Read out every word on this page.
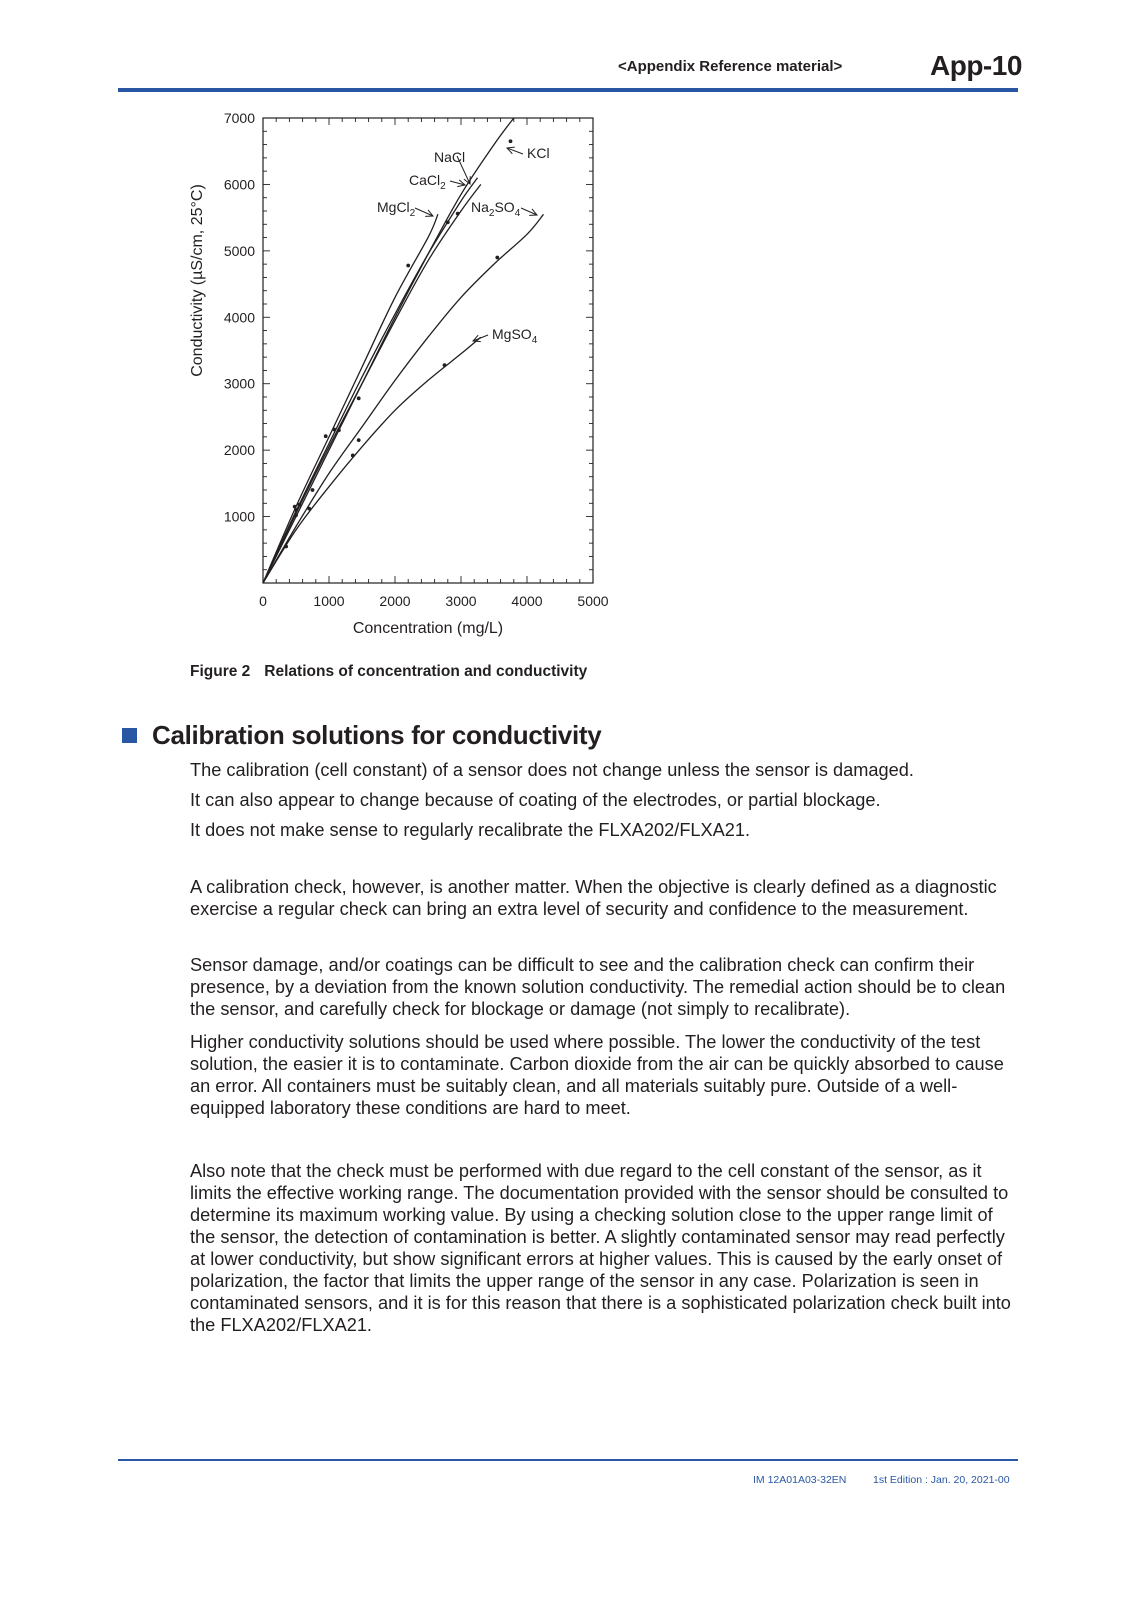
<Appendix Reference material>	App-10
0	1000 2000 3000 4000 5000
1000
2000
3000
4000
5000
6000
7000
Concentration (mg/L)
Conductivity (µS/cm, 25°C)
KCl
NaCl
CaCl$_2$
MgCl$_2$	$Na_2SO_4$
MgSO$_4$
Figure 2 Relations of concentration and conductivity
Calibration solutions for conductivity
The calibration (cell constant) of a sensor does not change unless the sensor is damaged.
It can also appear to change because of coating of the electrodes, or partial blockage.
It does not make sense to regularly recalibrate the FLXA202/FLXA21.
A calibration check, however, is another matter. When the objective is clearly defined as a diagnostic exercise a regular check can bring an extra level of security and confidence to the measurement.
Sensor damage, and/or coatings can be difficult to see and the calibration check can confirm their presence, by a deviation from the known solution conductivity. The remedial action should be to clean the sensor, and carefully check for blockage or damage (not simply to recalibrate).
Higher conductivity solutions should be used where possible. The lower the conductivity of the test solution, the easier it is to contaminate. Carbon dioxide from the air can be quickly absorbed to cause an error. All containers must be suitably clean, and all materials suitably pure. Outside of a well-equipped laboratory these conditions are hard to meet.
Also note that the check must be performed with due regard to the cell constant of the sensor, as it limits the effective working range. The documentation provided with the sensor should be consulted to determine its maximum working value. By using a checking solution close to the upper range limit of the sensor, the detection of contamination is better. A slightly contaminated sensor may read perfectly at lower conductivity, but show significant errors at higher values. This is caused by the early onset of polarization, the factor that limits the upper range of the sensor in any case. Polarization is seen in contaminated sensors, and it is for this reason that there is a sophisticated polarization check built into the FLXA202/FLXA21.
IM 12A01A03-32EN	1st Edition : Jan. 20, 2021-00
